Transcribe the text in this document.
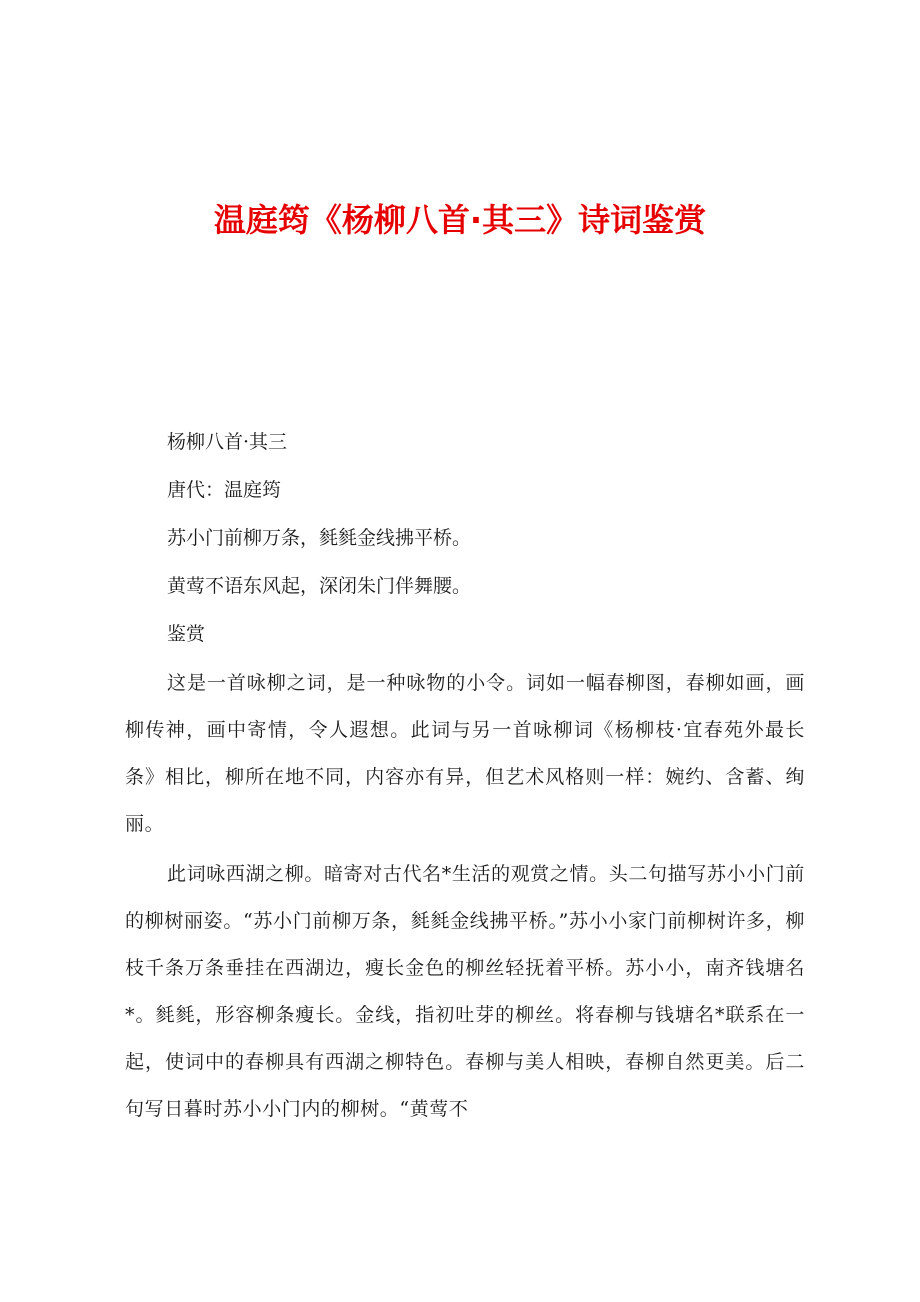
温庭筠《杨柳八首·其三》诗词鉴赏
杨柳八首·其三
唐代：温庭筠
苏小门前柳万条，毵毵金线拂平桥。
黄莺不语东风起，深闭朱门伴舞腰。
鉴赏

这是一首咏柳之词，是一种咏物的小令。词如一幅春柳图，春柳如画，画柳传神，画中寄情，令人遐想。此词与另一首咏柳词《杨柳枝·宜春苑外最长条》相比，柳所在地不同，内容亦有异，但艺术风格则一样：婉约、含蓄、绚丽。

此词咏西湖之柳。暗寄对古代名*生活的观赏之情。头二句描写苏小小门前的柳树丽姿。“苏小门前柳万条，毵毵金线拂平桥。”苏小小家门前柳树许多，柳枝千条万条垂挂在西湖边，瘦长金色的柳丝轻抚着平桥。苏小小，南齐钱塘名*。毵毵，形容柳条瘦长。金线，指初吐芽的柳丝。将春柳与钱塘名*联系在一起，使词中的春柳具有西湖之柳特色。春柳与美人相映，春柳自然更美。后二句写日暮时苏小小门内的柳树。“黄莺不
